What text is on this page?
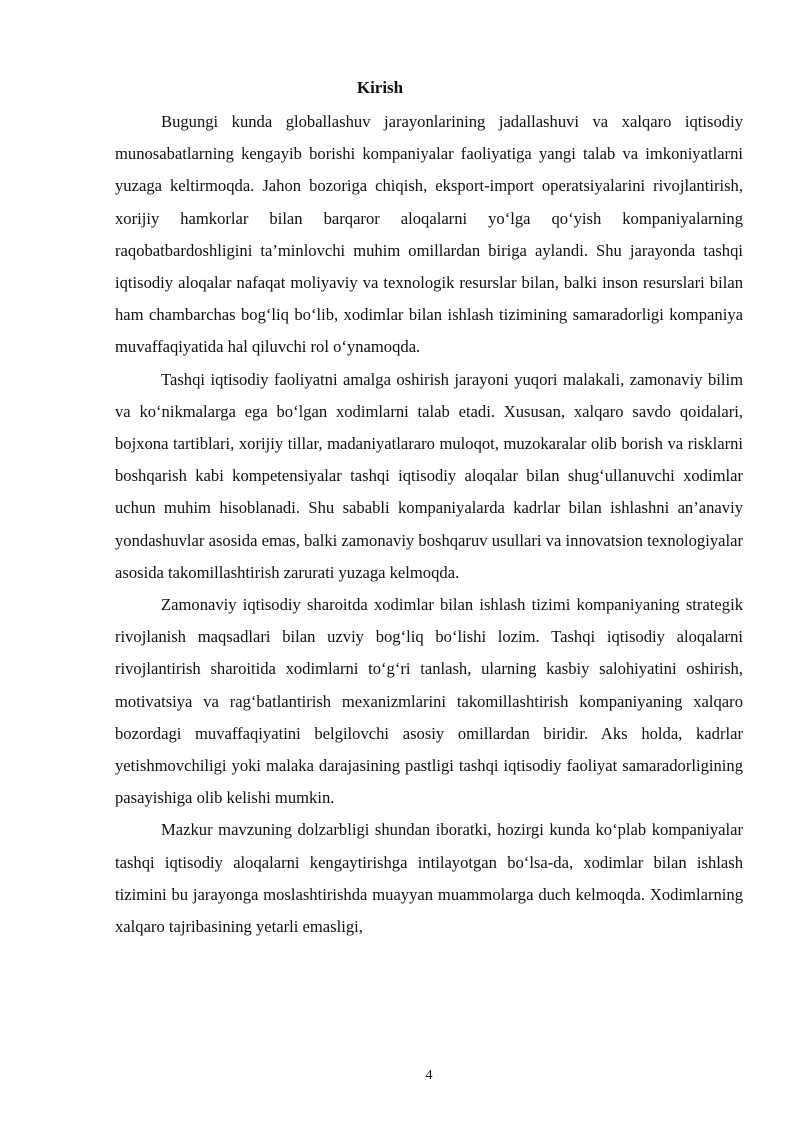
Kirish

Bugungi kunda globallashuv jarayonlarining jadallashuvi va xalqaro iqtisodiy munosabatlarning kengayib borishi kompaniyalar faoliyatiga yangi talab va imkoniyatlarni yuzaga keltirmoqda. Jahon bozoriga chiqish, eksport-import operatsiyalarini rivojlantirish, xorijiy hamkorlar bilan barqaror aloqalarni yo‘lga qo‘yish kompaniyalarning raqobatbardoshligini ta’minlovchi muhim omillardan biriga aylandi. Shu jarayonda tashqi iqtisodiy aloqalar nafaqat moliyaviy va texnologik resurslar bilan, balki inson resurslari bilan ham chambarchas bog‘liq bo‘lib, xodimlar bilan ishlash tizimining samaradorligi kompaniya muvaffaqiyatida hal qiluvchi rol o‘ynamoqda.

Tashqi iqtisodiy faoliyatni amalga oshirish jarayoni yuqori malakali, zamonaviy bilim va ko‘nikmalarga ega bo‘lgan xodimlarni talab etadi. Xususan, xalqaro savdo qoidalari, bojxona tartiblari, xorijiy tillar, madaniyatlararo muloqot, muzokaralar olib borish va risklarni boshqarish kabi kompetensiyalar tashqi iqtisodiy aloqalar bilan shug‘ullanuvchi xodimlar uchun muhim hisoblanadi. Shu sababli kompaniyalarda kadrlar bilan ishlashni an’anaviy yondashuvlar asosida emas, balki zamonaviy boshqaruv usullari va innovatsion texnologiyalar asosida takomillashtirish zarurati yuzaga kelmoqda.

Zamonaviy iqtisodiy sharoitda xodimlar bilan ishlash tizimi kompaniyaning strategik rivojlanish maqsadlari bilan uzviy bog‘liq bo‘lishi lozim. Tashqi iqtisodiy aloqalarni rivojlantirish sharoitida xodimlarni to‘g‘ri tanlash, ularning kasbiy salohiyatini oshirish, motivatsiya va rag‘batlantirish mexanizmlarini takomillashtirish kompaniyaning xalqaro bozordagi muvaffaqiyatini belgilovchi asosiy omillardan biridir. Aks holda, kadrlar yetishmovchiligi yoki malaka darajasining pastligi tashqi iqtisodiy faoliyat samaradorligining pasayishiga olib kelishi mumkin.

Mazkur mavzuning dolzarbligi shundan iboratki, hozirgi kunda ko‘plab kompaniyalar tashqi iqtisodiy aloqalarni kengaytirishga intilayotgan bo‘lsa-da, xodimlar bilan ishlash tizimini bu jarayonga moslashtirishda muayyan muammolarga duch kelmoqda. Xodimlarning xalqaro tajribasining yetarli emasligi,

4
